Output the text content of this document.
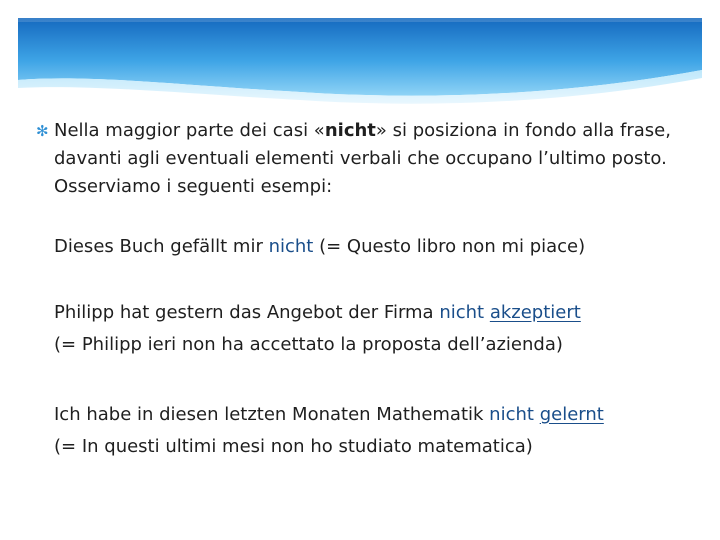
✻ Nella maggior parte dei casi «nicht» si posiziona in fondo alla frase, davanti agli eventuali elementi verbali che occupano l’ultimo posto. Osserviamo i seguenti esempi:
Dieses Buch gefällt mir nicht (= Questo libro non mi piace)
Philipp hat gestern das Angebot der Firma nicht akzeptiert
(= Philipp ieri non ha accettato la proposta dell’azienda)
Ich habe in diesen letzten Monaten Mathematik nicht gelernt
(= In questi ultimi mesi non ho studiato matematica)
